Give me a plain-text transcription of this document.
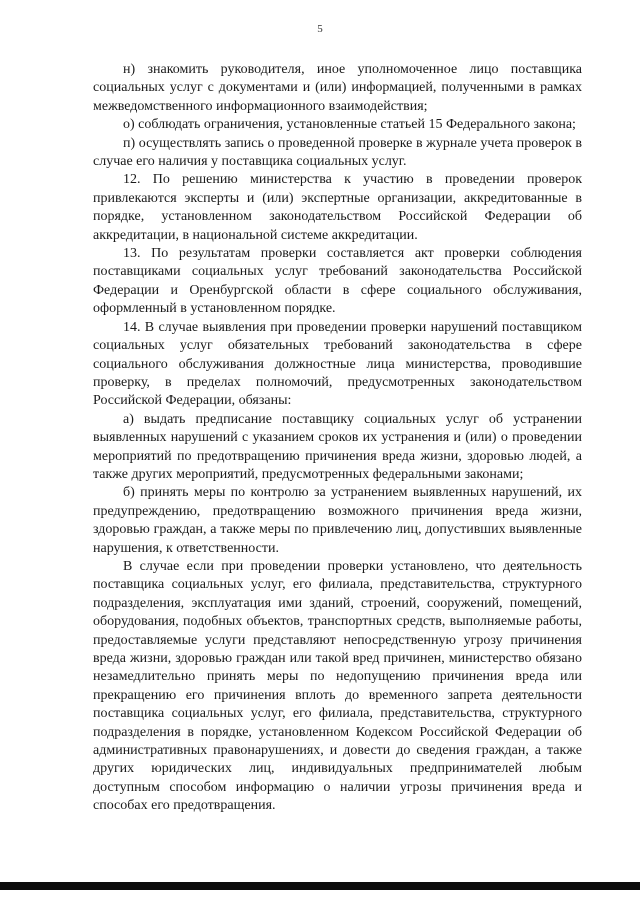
5

н) знакомить руководителя, иное уполномоченное лицо поставщика социальных услуг с документами и (или) информацией, полученными в рамках межведомственного информационного взаимодействия;

о) соблюдать ограничения, установленные статьей 15 Федерального закона;

п) осуществлять запись о проведенной проверке в журнале учета проверок в случае его наличия у поставщика социальных услуг.

12. По решению министерства к участию в проведении проверок привлекаются эксперты и (или) экспертные организации, аккредитованные в порядке, установленном законодательством Российской Федерации об аккредитации, в национальной системе аккредитации.

13. По результатам проверки составляется акт проверки соблюдения поставщиками социальных услуг требований законодательства Российской Федерации и Оренбургской области в сфере социального обслуживания, оформленный в установленном порядке.

14. В случае выявления при проведении проверки нарушений поставщиком социальных услуг обязательных требований законодательства в сфере социального обслуживания должностные лица министерства, проводившие проверку, в пределах полномочий, предусмотренных законодательством Российской Федерации, обязаны:

а) выдать предписание поставщику социальных услуг об устранении выявленных нарушений с указанием сроков их устранения и (или) о проведении мероприятий по предотвращению причинения вреда жизни, здоровью людей, а также других мероприятий, предусмотренных федеральными законами;

б) принять меры по контролю за устранением выявленных нарушений, их предупреждению, предотвращению возможного причинения вреда жизни, здоровью граждан, а также меры по привлечению лиц, допустивших выявленные нарушения, к ответственности.

В случае если при проведении проверки установлено, что деятельность поставщика социальных услуг, его филиала, представительства, структурного подразделения, эксплуатация ими зданий, строений, сооружений, помещений, оборудования, подобных объектов, транспортных средств, выполняемые работы, предоставляемые услуги представляют непосредственную угрозу причинения вреда жизни, здоровью граждан или такой вред причинен, министерство обязано незамедлительно принять меры по недопущению причинения вреда или прекращению его причинения вплоть до временного запрета деятельности поставщика социальных услуг, его филиала, представительства, структурного подразделения в порядке, установленном Кодексом Российской Федерации об административных правонарушениях, и довести до сведения граждан, а также других юридических лиц, индивидуальных предпринимателей любым доступным способом информацию о наличии угрозы причинения вреда и способах его предотвращения.
